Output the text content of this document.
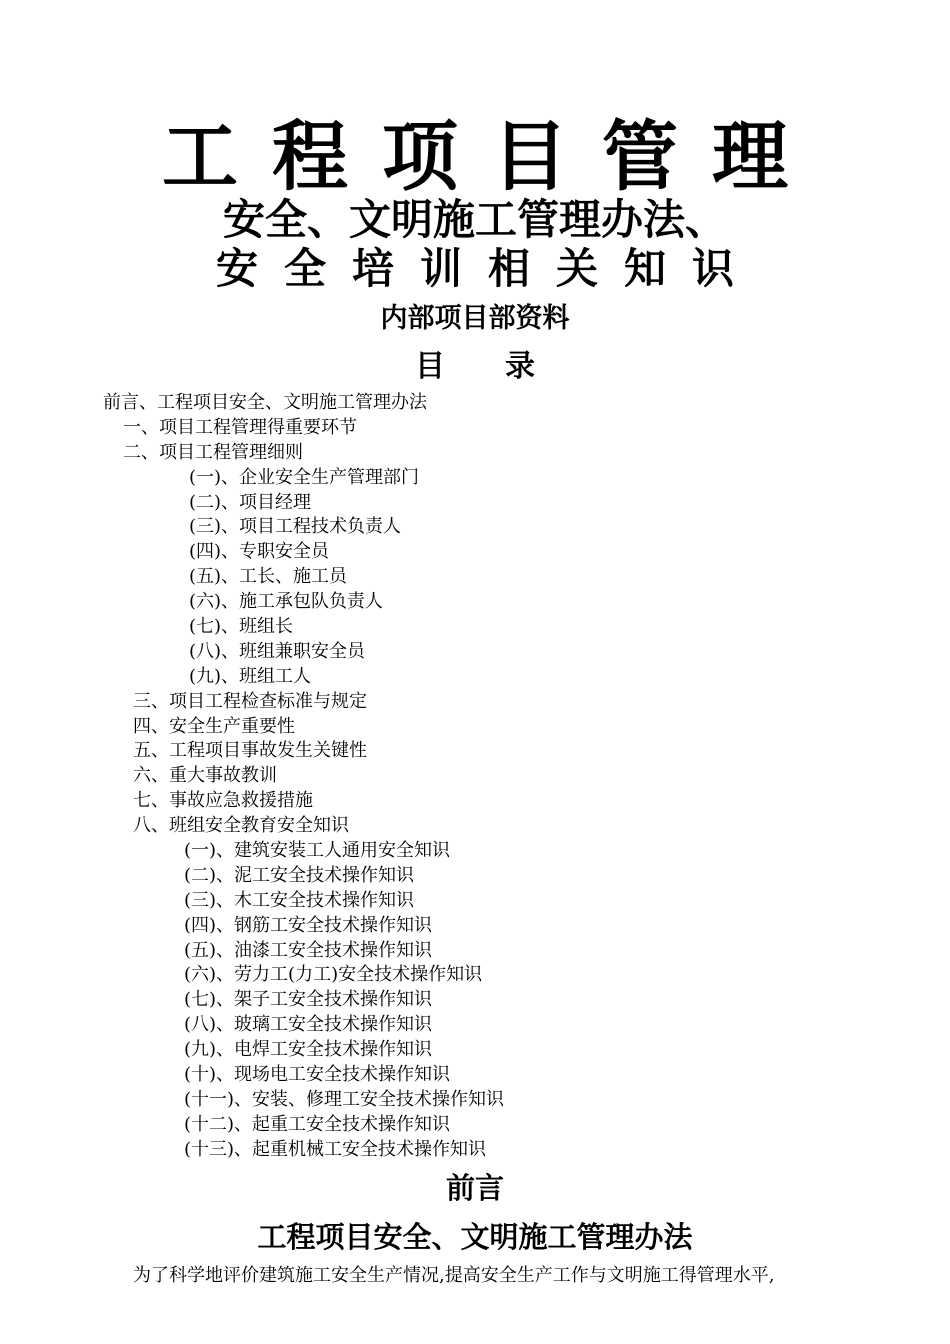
工程项目管理
安全、文明施工管理办法、
安全培训相关知识
内部项目部资料
目录
前言、工程项目安全、文明施工管理办法
一、项目工程管理得重要环节
二、项目工程管理细则
(一)、企业安全生产管理部门
(二)、项目经理
(三)、项目工程技术负责人
(四)、专职安全员
(五)、工长、施工员
(六)、施工承包队负责人
(七)、班组长
(八)、班组兼职安全员
(九)、班组工人
三、项目工程检查标准与规定
四、安全生产重要性
五、工程项目事故发生关键性
六、重大事故教训
七、事故应急救援措施
八、班组安全教育安全知识
(一)、建筑安装工人通用安全知识
(二)、泥工安全技术操作知识
(三)、木工安全技术操作知识
(四)、钢筋工安全技术操作知识
(五)、油漆工安全技术操作知识
(六)、劳力工(力工)安全技术操作知识
(七)、架子工安全技术操作知识
(八)、玻璃工安全技术操作知识
(九)、电焊工安全技术操作知识
(十)、现场电工安全技术操作知识
(十一)、安装、修理工安全技术操作知识
(十二)、起重工安全技术操作知识
(十三)、起重机械工安全技术操作知识
前言
工程项目安全、文明施工管理办法
为了科学地评价建筑施工安全生产情况,提高安全生产工作与文明施工得管理水平,
